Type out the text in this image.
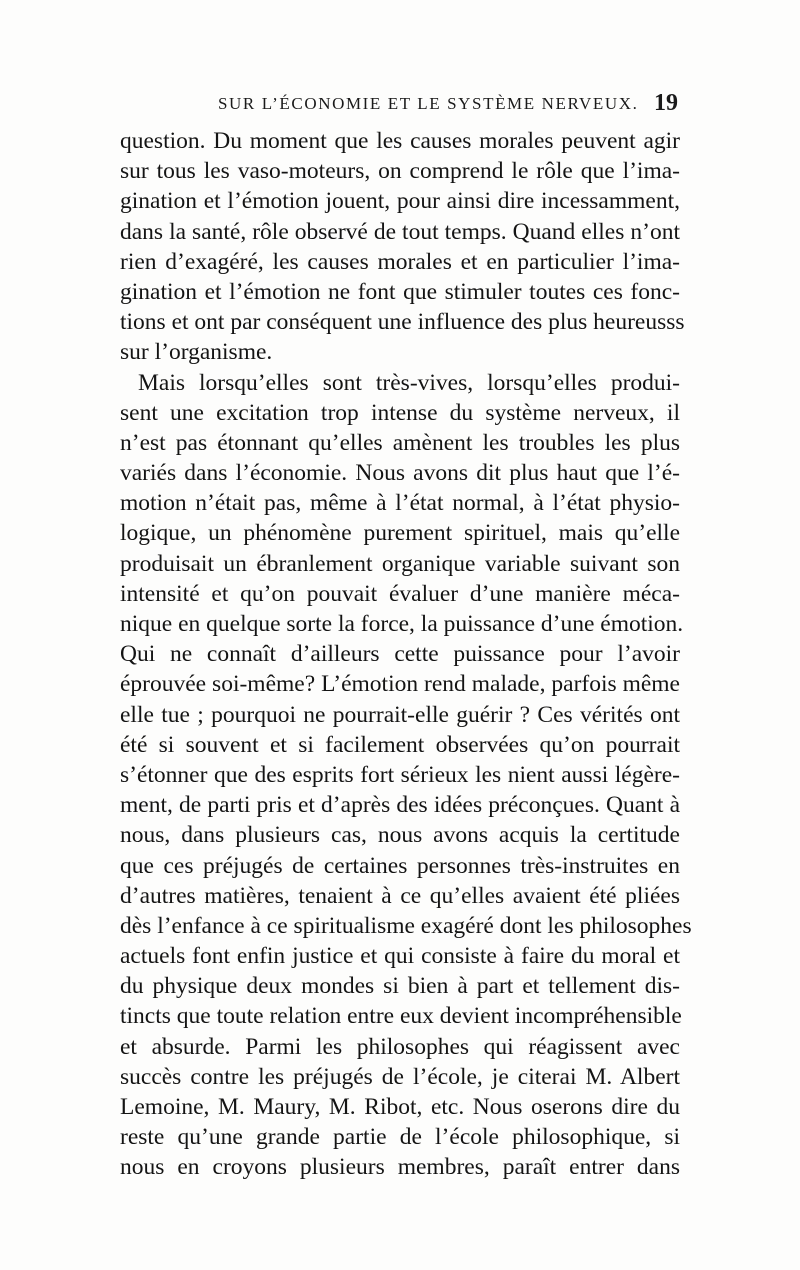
SUR L’ÉCONOMIE ET LE SYSTÈME NERVEUX. 19
question. Du moment que les causes morales peuvent agir
sur tous les vaso-moteurs, on comprend le rôle que l’ima-
gination et l’émotion jouent, pour ainsi dire incessamment,
dans la santé, rôle observé de tout temps. Quand elles n’ont
rien d’exagéré, les causes morales et en particulier l’ima-
gination et l’émotion ne font que stimuler toutes ces fonc-
tions et ont par conséquent une influence des plus heureusss
sur l’organisme.
Mais lorsqu’elles sont très-vives, lorsqu’elles produi-
sent une excitation trop intense du système nerveux, il
n’est pas étonnant qu’elles amènent les troubles les plus
variés dans l’économie. Nous avons dit plus haut que l’é-
motion n’était pas, même à l’état normal, à l’état physio-
logique, un phénomène purement spirituel, mais qu’elle
produisait un ébranlement organique variable suivant son
intensité et qu’on pouvait évaluer d’une manière méca-
nique en quelque sorte la force, la puissance d’une émotion.
Qui ne connaît d’ailleurs cette puissance pour l’avoir
éprouvée soi-même? L’émotion rend malade, parfois même
elle tue ; pourquoi ne pourrait-elle guérir ? Ces vérités ont
été si souvent et si facilement observées qu’on pourrait
s’étonner que des esprits fort sérieux les nient aussi légère-
ment, de parti pris et d’après des idées préconçues. Quant à
nous, dans plusieurs cas, nous avons acquis la certitude
que ces préjugés de certaines personnes très-instruites en
d’autres matières, tenaient à ce qu’elles avaient été pliées
dès l’enfance à ce spiritualisme exagéré dont les philosophes
actuels font enfin justice et qui consiste à faire du moral et
du physique deux mondes si bien à part et tellement dis-
tincts que toute relation entre eux devient incompréhensible
et absurde. Parmi les philosophes qui réagissent avec
succès contre les préjugés de l’école, je citerai M. Albert
Lemoine, M. Maury, M. Ribot, etc. Nous oserons dire du
reste qu’une grande partie de l’école philosophique, si
nous en croyons plusieurs membres, paraît entrer dans
